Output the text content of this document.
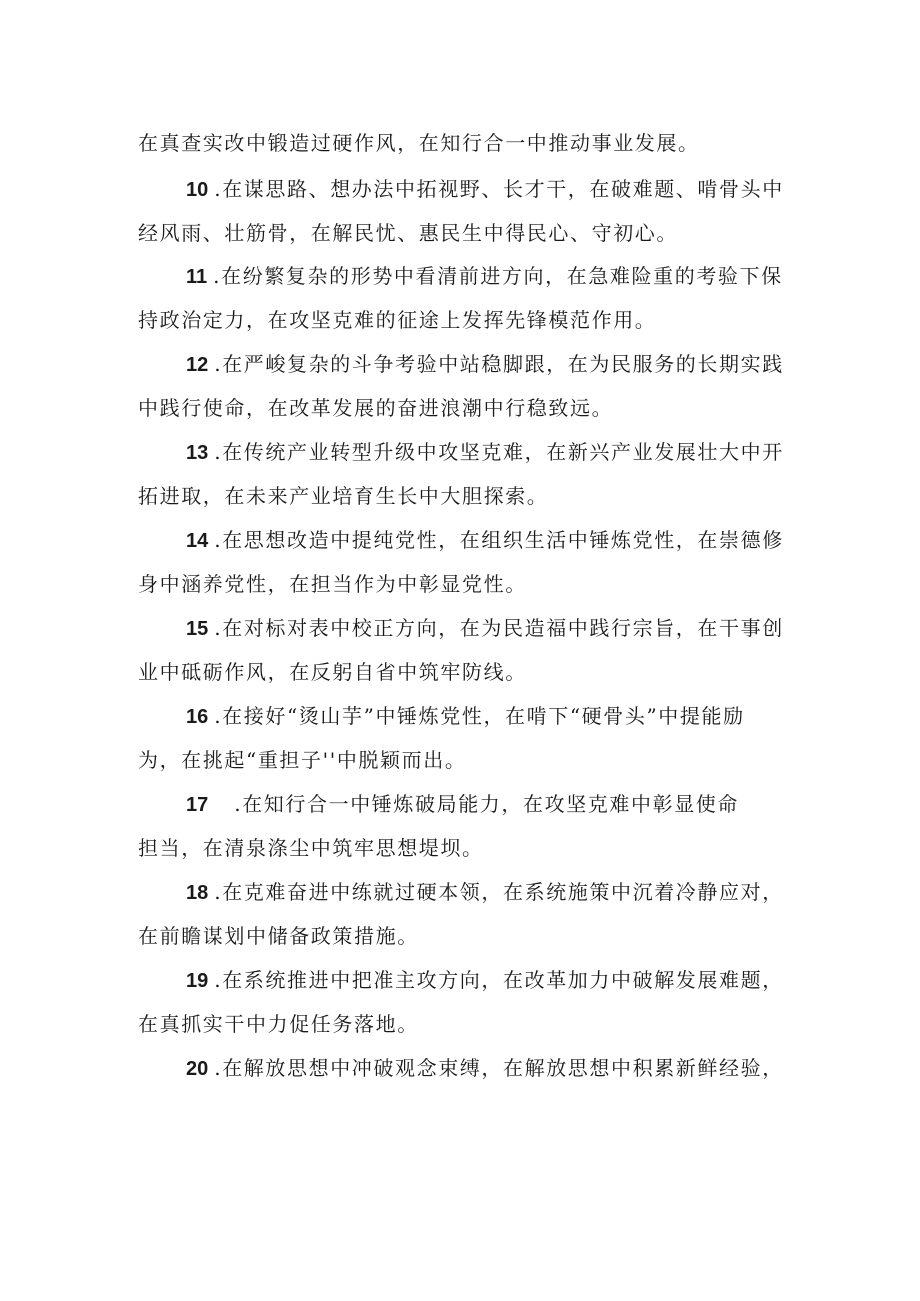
在真查实改中锻造过硬作风，在知行合一中推动事业发展。
10 .在谋思路、想办法中拓视野、长才干，在破难题、啃骨头中
经风雨、壮筋骨，在解民忧、惠民生中得民心、守初心。
11 .在纷繁复杂的形势中看清前进方向，在急难险重的考验下保
持政治定力，在攻坚克难的征途上发挥先锋模范作用。
12 .在严峻复杂的斗争考验中站稳脚跟，在为民服务的长期实践
中践行使命，在改革发展的奋进浪潮中行稳致远。
13 .在传统产业转型升级中攻坚克难，在新兴产业发展壮大中开
拓进取，在未来产业培育生长中大胆探索。
14 .在思想改造中提纯党性，在组织生活中锤炼党性，在崇德修
身中涵养党性，在担当作为中彰显党性。
15 .在对标对表中校正方向，在为民造福中践行宗旨，在干事创
业中砥砺作风，在反躬自省中筑牢防线。
16 .在接好“烫山芋”中锤炼党性，在啃下“硬骨头”中提能励
为，在挑起“重担子''中脱颖而出。
17 .在知行合一中锤炼破局能力，在攻坚克难中彰显使命
担当，在清泉涤尘中筑牢思想堤坝。
18 .在克难奋进中练就过硬本领，在系统施策中沉着冷静应对，
在前瞻谋划中储备政策措施。
19 .在系统推进中把准主攻方向，在改革加力中破解发展难题，
在真抓实干中力促任务落地。
20 .在解放思想中冲破观念束缚，在解放思想中积累新鲜经验，
